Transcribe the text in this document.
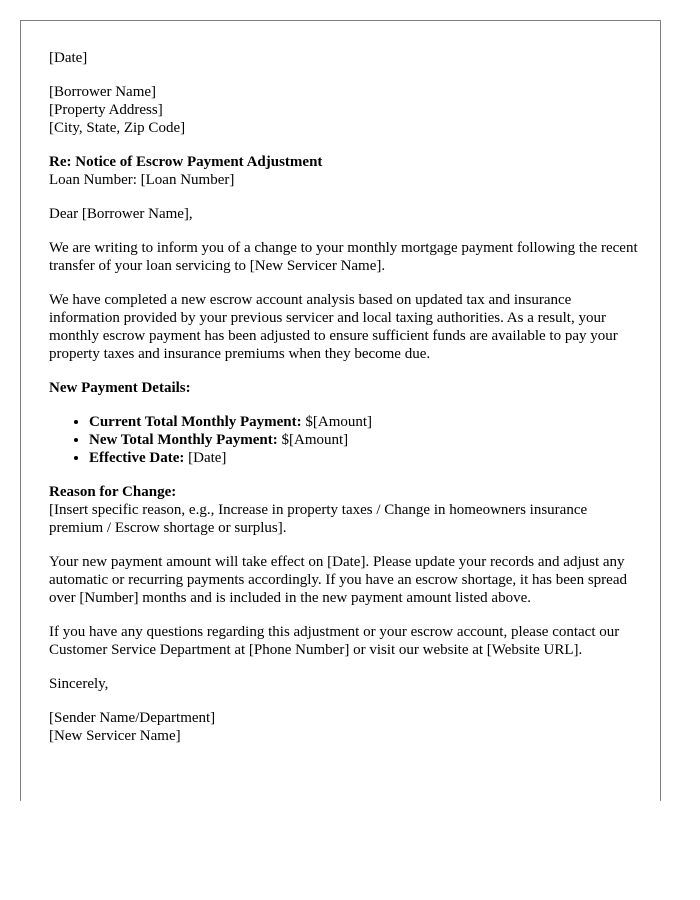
[Date]

[Borrower Name]
[Property Address]
[City, State, Zip Code]

Re: Notice of Escrow Payment Adjustment
Loan Number: [Loan Number]

Dear [Borrower Name],

We are writing to inform you of a change to your monthly mortgage payment following the recent transfer of your loan servicing to [New Servicer Name].

We have completed a new escrow account analysis based on updated tax and insurance information provided by your previous servicer and local taxing authorities. As a result, your monthly escrow payment has been adjusted to ensure sufficient funds are available to pay your property taxes and insurance premiums when they become due.

New Payment Details:

• Current Total Monthly Payment: $[Amount]
• New Total Monthly Payment: $[Amount]
• Effective Date: [Date]

Reason for Change:
[Insert specific reason, e.g., Increase in property taxes / Change in homeowners insurance premium / Escrow shortage or surplus].

Your new payment amount will take effect on [Date]. Please update your records and adjust any automatic or recurring payments accordingly. If you have an escrow shortage, it has been spread over [Number] months and is included in the new payment amount listed above.

If you have any questions regarding this adjustment or your escrow account, please contact our Customer Service Department at [Phone Number] or visit our website at [Website URL].

Sincerely,

[Sender Name/Department]
[New Servicer Name]
